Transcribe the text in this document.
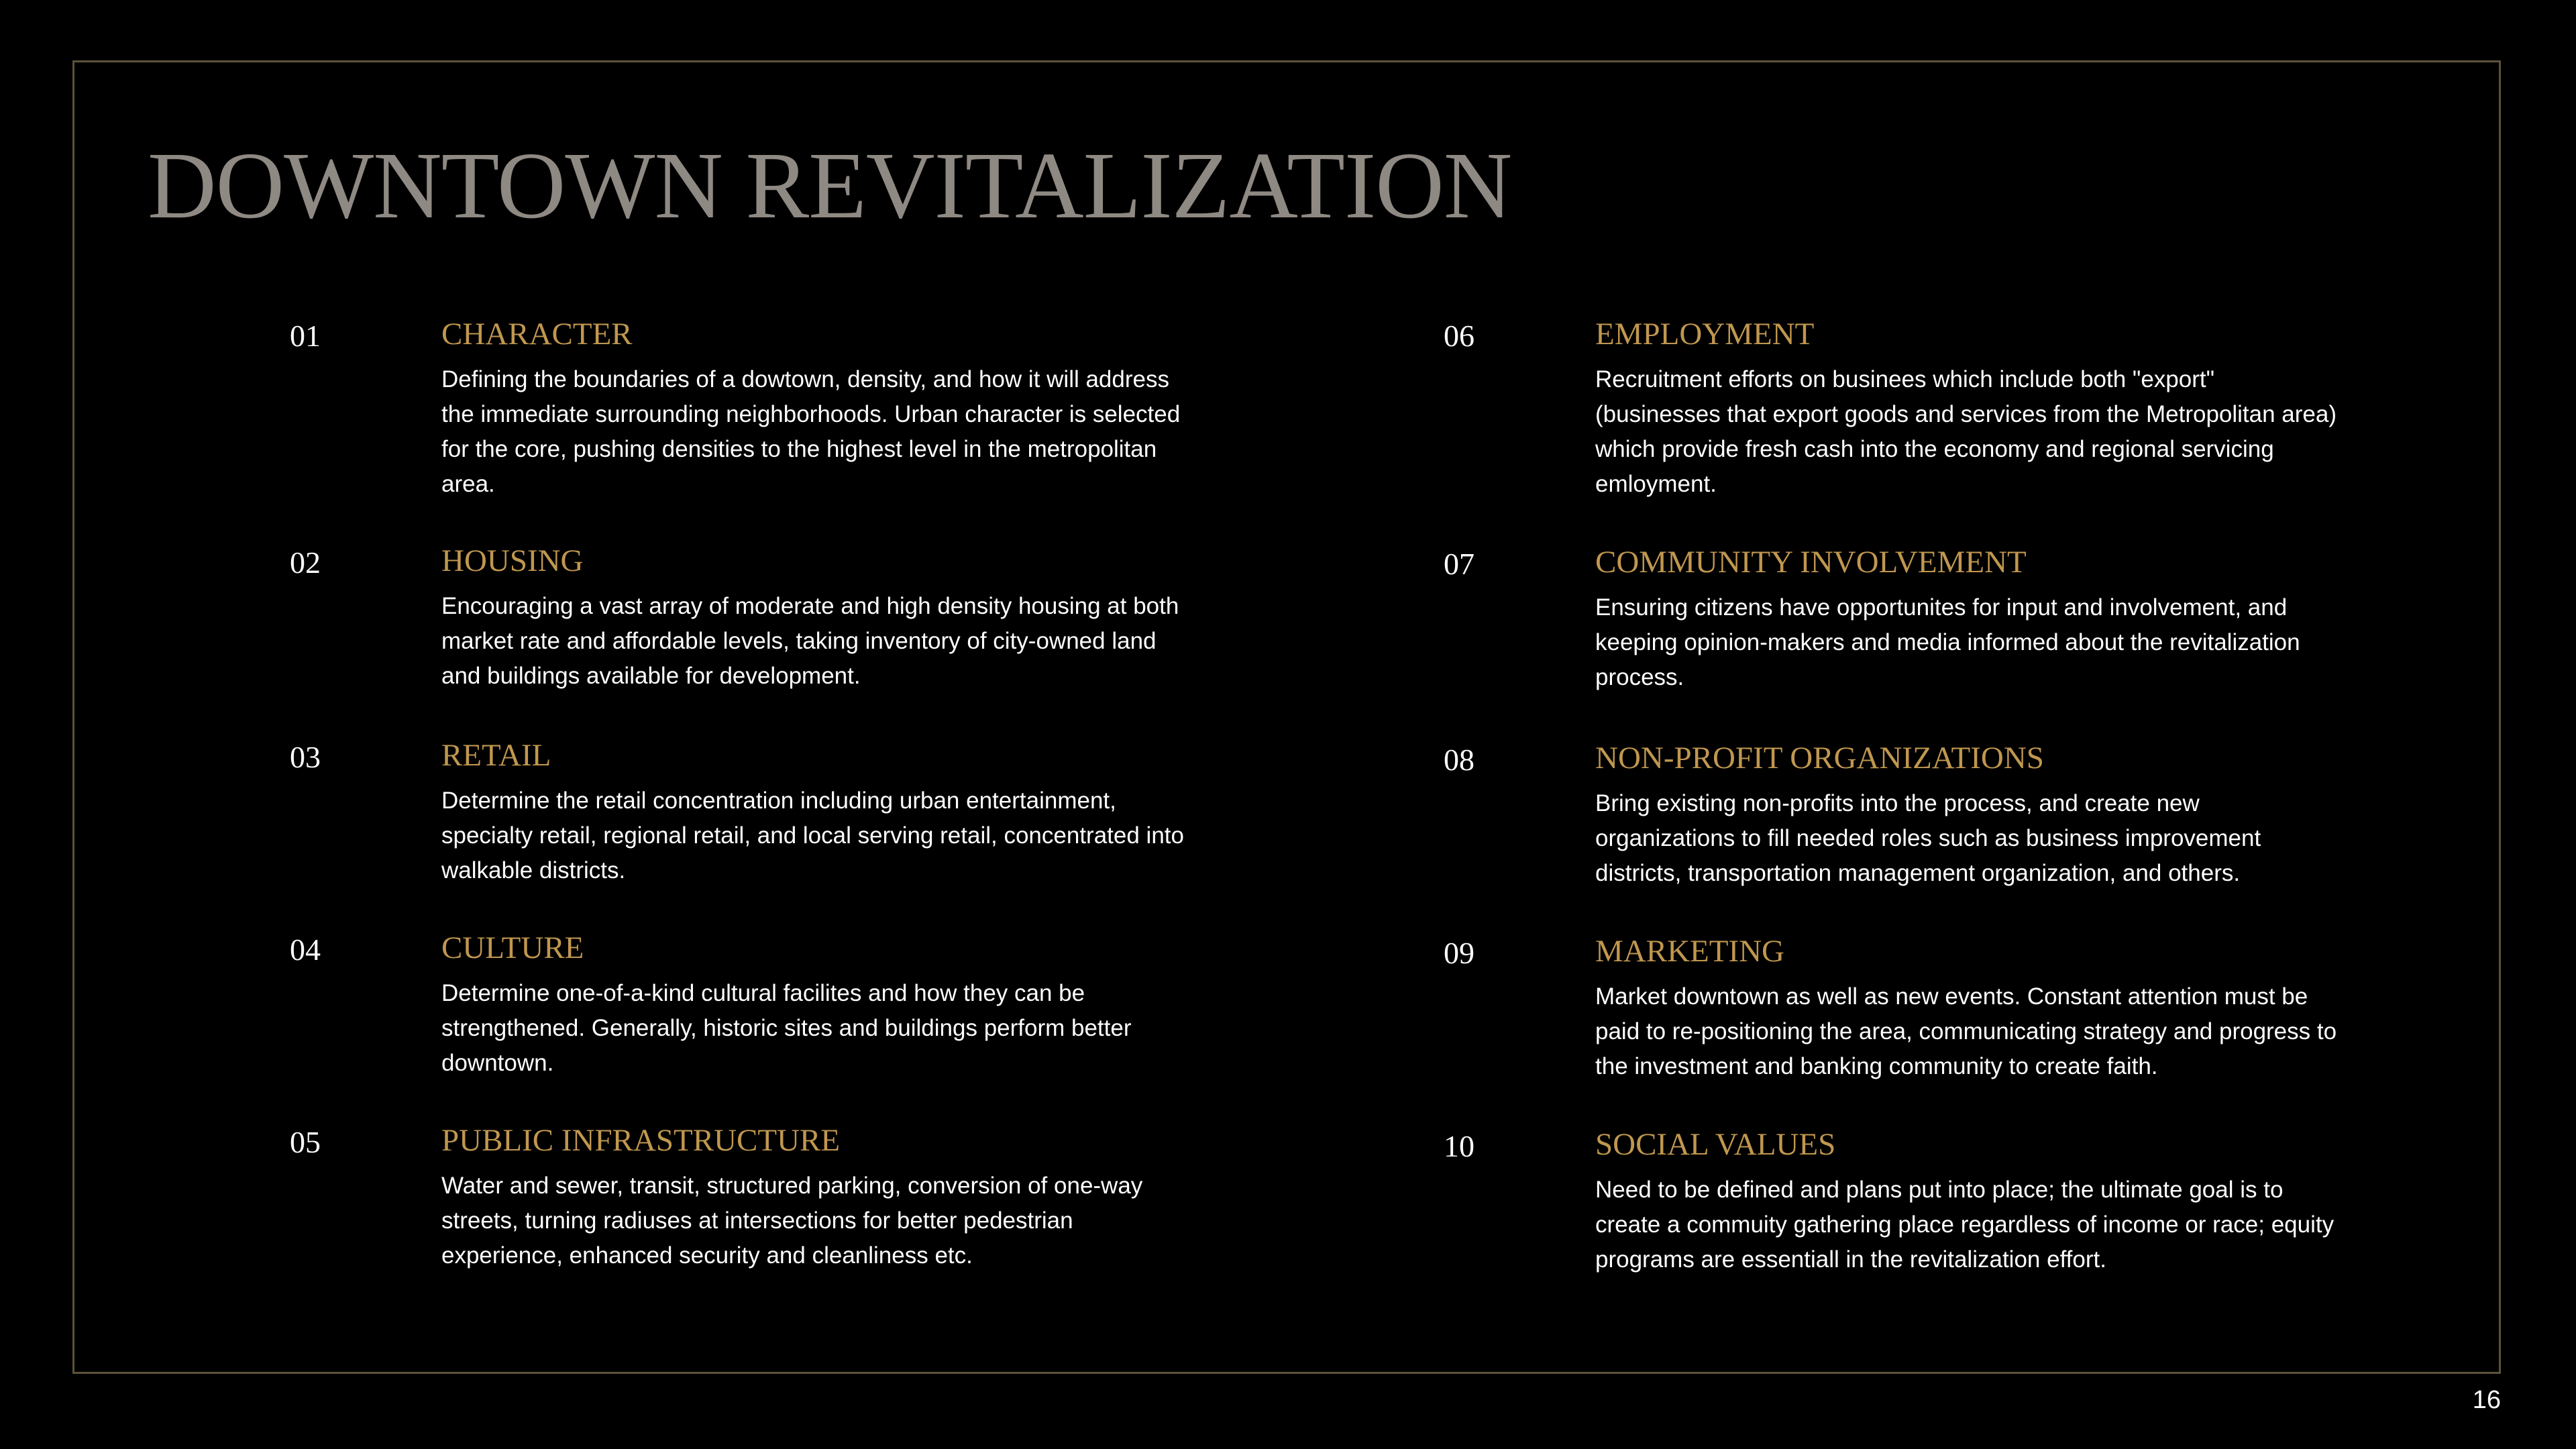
DOWNTOWN REVITALIZATION
01	CHARACTER

Defining the boundaries of a dowtown, density, and how it will address the immediate surrounding neighborhoods. Urban character is selected for the core, pushing densities to the highest level in the metropolitan area.

02	HOUSING

Encouraging a vast array of moderate and high density housing at both market rate and affordable levels, taking inventory of city-owned land and buildings available for development.

03	RETAIL

Determine the retail concentration including urban entertainment, specialty retail, regional retail, and local serving retail, concentrated into walkable districts.

04	CULTURE

Determine one-of-a-kind cultural facilites and how they can be strengthened. Generally, historic sites and buildings perform better downtown.

05	PUBLIC INFRASTRUCTURE

Water and sewer, transit, structured parking, conversion of one-way streets, turning radiuses at intersections for better pedestrian experience, enhanced security and cleanliness etc.

06	EMPLOYMENT

Recruitment efforts on businees which include both "export" (businesses that export goods and services from the Metropolitan area) which provide fresh cash into the economy and regional servicing emloyment.

07	COMMUNITY INVOLVEMENT

Ensuring citizens have opportunites for input and involvement, and keeping opinion-makers and media informed about the revitalization process.

08	NON-PROFIT ORGANIZATIONS

Bring existing non-profits into the process, and create new organizations to fill needed roles such as business improvement districts, transportation management organization, and others.

09	MARKETING

Market downtown as well as new events. Constant attention must be paid to re-positioning the area, communicating strategy and progress to the investment and banking community to create faith.

10	SOCIAL VALUES

Need to be defined and plans put into place; the ultimate goal is to create a commuity gathering place regardless of income or race; equity programs are essentiall in the revitalization effort.

16
